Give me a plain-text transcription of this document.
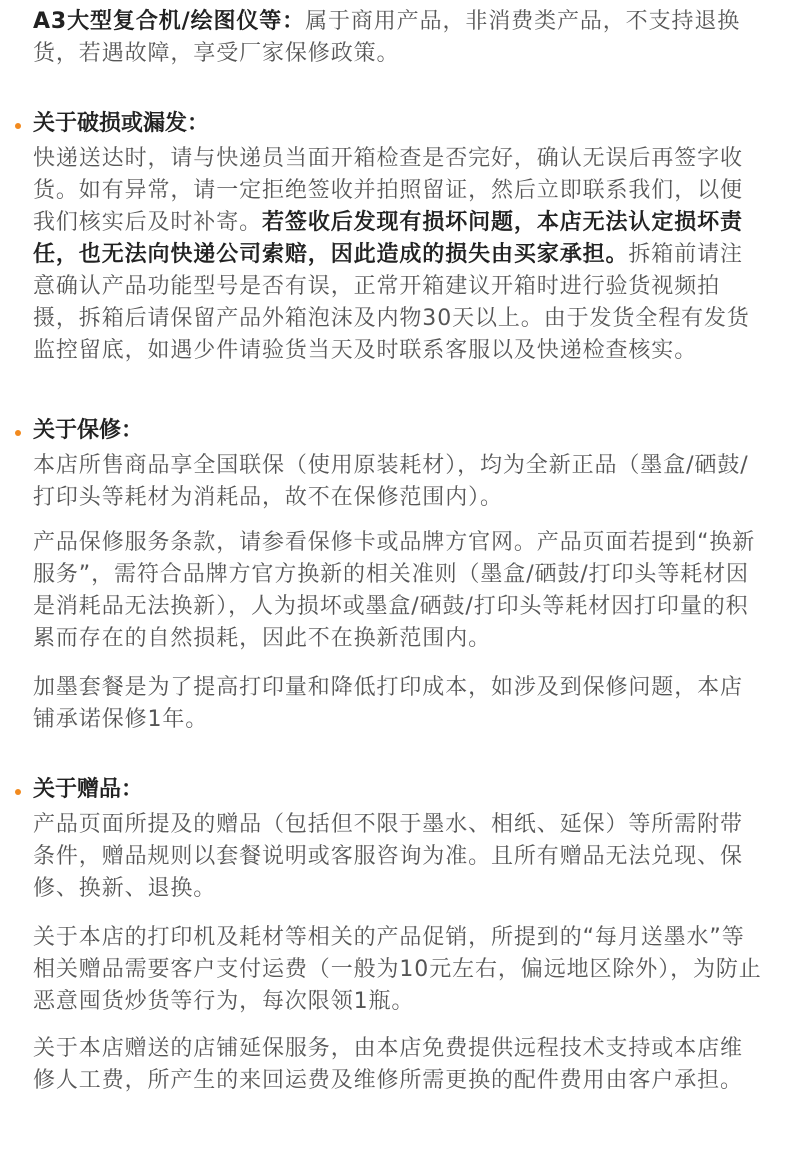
A3大型复合机/绘图仪等：属于商用产品，非消费类产品，不支持退换货，若遇故障，享受厂家保修政策。

关于破损或漏发：

快递送达时，请与快递员当面开箱检查是否完好，确认无误后再签字收货。如有异常，请一定拒绝签收并拍照留证，然后立即联系我们，以便我们核实后及时补寄。若签收后发现有损坏问题，本店无法认定损坏责任，也无法向快递公司索赔，因此造成的损失由买家承担。拆箱前请注意确认产品功能型号是否有误，正常开箱建议开箱时进行验货视频拍摄，拆箱后请保留产品外箱泡沫及内物30天以上。由于发货全程有发货监控留底，如遇少件请验货当天及时联系客服以及快递检查核实。

关于保修：

本店所售商品享全国联保（使用原装耗材），均为全新正品（墨盒/硒鼓/打印头等耗材为消耗品，故不在保修范围内）。

产品保修服务条款，请参看保修卡或品牌方官网。产品页面若提到“换新服务”，需符合品牌方官方换新的相关准则（墨盒/硒鼓/打印头等耗材因是消耗品无法换新），人为损坏或墨盒/硒鼓/打印头等耗材因打印量的积累而存在的自然损耗，因此不在换新范围内。

加墨套餐是为了提高打印量和降低打印成本，如涉及到保修问题，本店铺承诺保修1年。

关于赠品：

产品页面所提及的赠品（包括但不限于墨水、相纸、延保）等所需附带条件，赠品规则以套餐说明或客服咨询为准。且所有赠品无法兑现、保修、换新、退换。

关于本店的打印机及耗材等相关的产品促销，所提到的“每月送墨水”等相关赠品需要客户支付运费（一般为10元左右，偏远地区除外），为防止恶意囤货炒货等行为，每次限领1瓶。

关于本店赠送的店铺延保服务，由本店免费提供远程技术支持或本店维修人工费，所产生的来回运费及维修所需更换的配件费用由客户承担。
